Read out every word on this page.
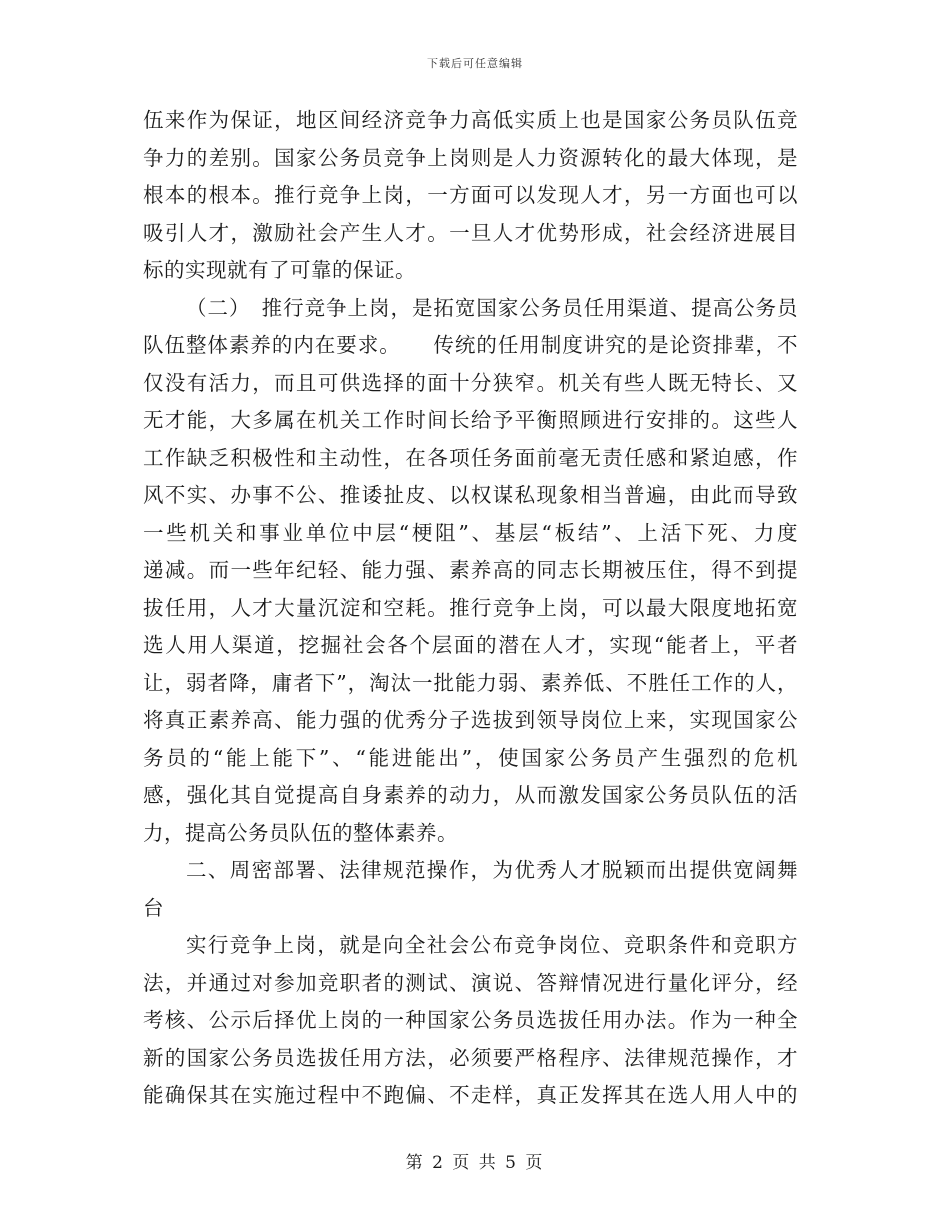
下载后可任意编辑
伍来作为保证，地区间经济竞争力高低实质上也是国家公务员队伍竞
争力的差别。国家公务员竞争上岗则是人力资源转化的最大体现，是
根本的根本。推行竞争上岗，一方面可以发现人才，另一方面也可以
吸引人才，激励社会产生人才。一旦人才优势形成，社会经济进展目
标的实现就有了可靠的保证。
（二）　推行竞争上岗，是拓宽国家公务员任用渠道、提高公务员
队伍整体素养的内在要求。　　传统的任用制度讲究的是论资排辈，不
仅没有活力，而且可供选择的面十分狭窄。机关有些人既无特长、又
无才能，大多属在机关工作时间长给予平衡照顾进行安排的。这些人
工作缺乏积极性和主动性，在各项任务面前毫无责任感和紧迫感，作
风不实、办事不公、推诿扯皮、以权谋私现象相当普遍，由此而导致
一些机关和事业单位中层“梗阻”、基层“板结”、上活下死、力度
递减。而一些年纪轻、能力强、素养高的同志长期被压住，得不到提
拔任用，人才大量沉淀和空耗。推行竞争上岗，可以最大限度地拓宽
选人用人渠道，挖掘社会各个层面的潜在人才，实现“能者上，平者
让，弱者降，庸者下”，淘汰一批能力弱、素养低、不胜任工作的人，
将真正素养高、能力强的优秀分子选拔到领导岗位上来，实现国家公
务员的“能上能下”、“能进能出”，使国家公务员产生强烈的危机
感，强化其自觉提高自身素养的动力，从而激发国家公务员队伍的活
力，提高公务员队伍的整体素养。
二、周密部署、法律规范操作，为优秀人才脱颖而出提供宽阔舞
台
实行竞争上岗，就是向全社会公布竞争岗位、竞职条件和竞职方
法，并通过对参加竞职者的测试、演说、答辩情况进行量化评分，经
考核、公示后择优上岗的一种国家公务员选拔任用办法。作为一种全
新的国家公务员选拔任用方法，必须要严格程序、法律规范操作，才
能确保其在实施过程中不跑偏、不走样，真正发挥其在选人用人中的
第 2 页 共 5 页
